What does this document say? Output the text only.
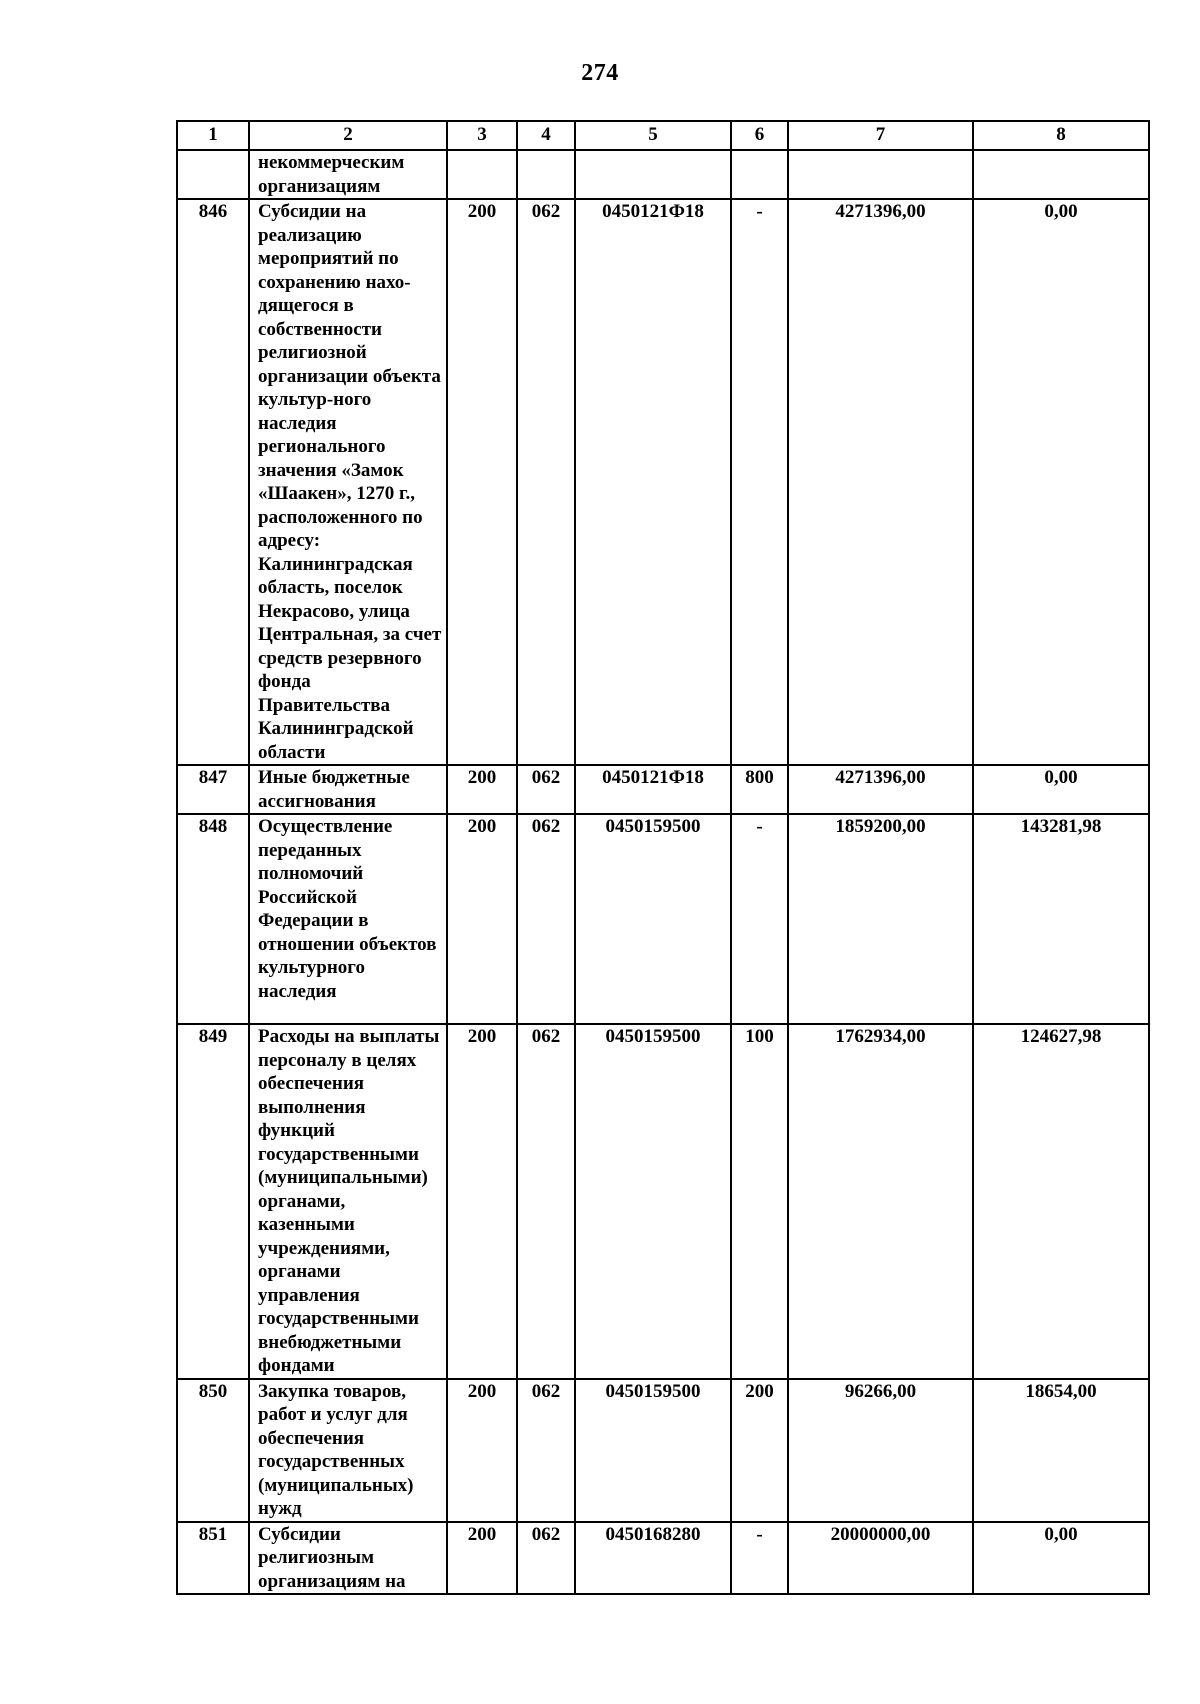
274
1	2	3	4	5	6	7	8
	некоммерческим организациям						
846	Субсидии на реализацию мероприятий по сохранению нахо-дящегося в собственности религиозной организации объекта культур-ного наследия регионального значения «Замок «Шаакен», 1270 г., расположенного по адресу: Калининградская область, поселок Некрасово, улица Центральная, за счет средств резервного фонда Правительства Калининградской области	200	062	0450121Ф18	-	4271396,00	0,00
847	Иные бюджетные ассигнования	200	062	0450121Ф18	800	4271396,00	0,00
848	Осуществление переданных полномочий Российской Федерации в отношении объектов культурного наследия	200	062	0450159500	-	1859200,00	143281,98
849	Расходы на выплаты персоналу в целях обеспечения выполнения функций государственными (муниципальными) органами, казенными учреждениями, органами управления государственными внебюджетными фондами	200	062	0450159500	100	1762934,00	124627,98
850	Закупка товаров, работ и услуг для обеспечения государственных (муниципальных) нужд	200	062	0450159500	200	96266,00	18654,00
851	Субсидии религиозным организациям на	200	062	0450168280	-	20000000,00	0,00
